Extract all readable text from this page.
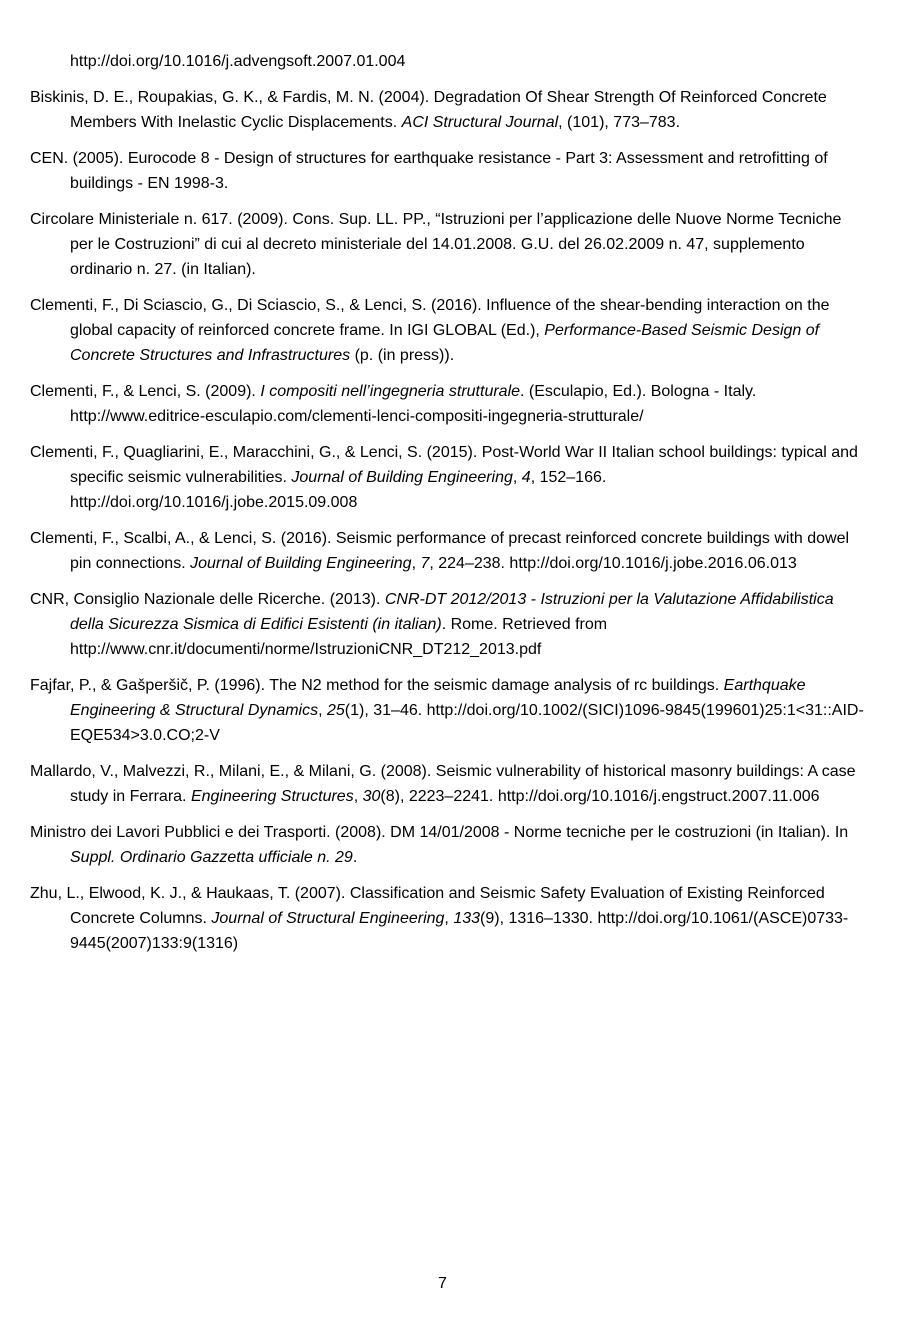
http://doi.org/10.1016/j.advengsoft.2007.01.004

Biskinis, D. E., Roupakias, G. K., & Fardis, M. N. (2004). Degradation Of Shear Strength Of Reinforced Concrete Members With Inelastic Cyclic Displacements. ACI Structural Journal, (101), 773–783.

CEN. (2005). Eurocode 8 - Design of structures for earthquake resistance - Part 3: Assessment and retrofitting of buildings - EN 1998-3.

Circolare Ministeriale n. 617. (2009). Cons. Sup. LL. PP., “Istruzioni per l’applicazione delle Nuove Norme Tecniche per le Costruzioni” di cui al decreto ministeriale del 14.01.2008. G.U. del 26.02.2009 n. 47, supplemento ordinario n. 27. (in Italian).

Clementi, F., Di Sciascio, G., Di Sciascio, S., & Lenci, S. (2016). Influence of the shear-bending interaction on the global capacity of reinforced concrete frame. In IGI GLOBAL (Ed.), Performance-Based Seismic Design of Concrete Structures and Infrastructures (p. (in press)).

Clementi, F., & Lenci, S. (2009). I compositi nell’ingegneria strutturale. (Esculapio, Ed.). Bologna - Italy. http://www.editrice-esculapio.com/clementi-lenci-compositi-ingegneria-strutturale/

Clementi, F., Quagliarini, E., Maracchini, G., & Lenci, S. (2015). Post-World War II Italian school buildings: typical and specific seismic vulnerabilities. Journal of Building Engineering, 4, 152–166. http://doi.org/10.1016/j.jobe.2015.09.008

Clementi, F., Scalbi, A., & Lenci, S. (2016). Seismic performance of precast reinforced concrete buildings with dowel pin connections. Journal of Building Engineering, 7, 224–238. http://doi.org/10.1016/j.jobe.2016.06.013

CNR, Consiglio Nazionale delle Ricerche. (2013). CNR-DT 2012/2013 - Istruzioni per la Valutazione Affidabilistica della Sicurezza Sismica di Edifici Esistenti (in italian). Rome. Retrieved from http://www.cnr.it/documenti/norme/IstruzioniCNR_DT212_2013.pdf

Fajfar, P., & Gašperšič, P. (1996). The N2 method for the seismic damage analysis of rc buildings. Earthquake Engineering & Structural Dynamics, 25(1), 31–46. http://doi.org/10.1002/(SICI)1096-9845(199601)25:1<31::AID-EQE534>3.0.CO;2-V

Mallardo, V., Malvezzi, R., Milani, E., & Milani, G. (2008). Seismic vulnerability of historical masonry buildings: A case study in Ferrara. Engineering Structures, 30(8), 2223–2241. http://doi.org/10.1016/j.engstruct.2007.11.006

Ministro dei Lavori Pubblici e dei Trasporti. (2008). DM 14/01/2008 - Norme tecniche per le costruzioni (in Italian). In Suppl. Ordinario Gazzetta ufficiale n. 29.

Zhu, L., Elwood, K. J., & Haukaas, T. (2007). Classification and Seismic Safety Evaluation of Existing Reinforced Concrete Columns. Journal of Structural Engineering, 133(9), 1316–1330. http://doi.org/10.1061/(ASCE)0733-9445(2007)133:9(1316)

7
